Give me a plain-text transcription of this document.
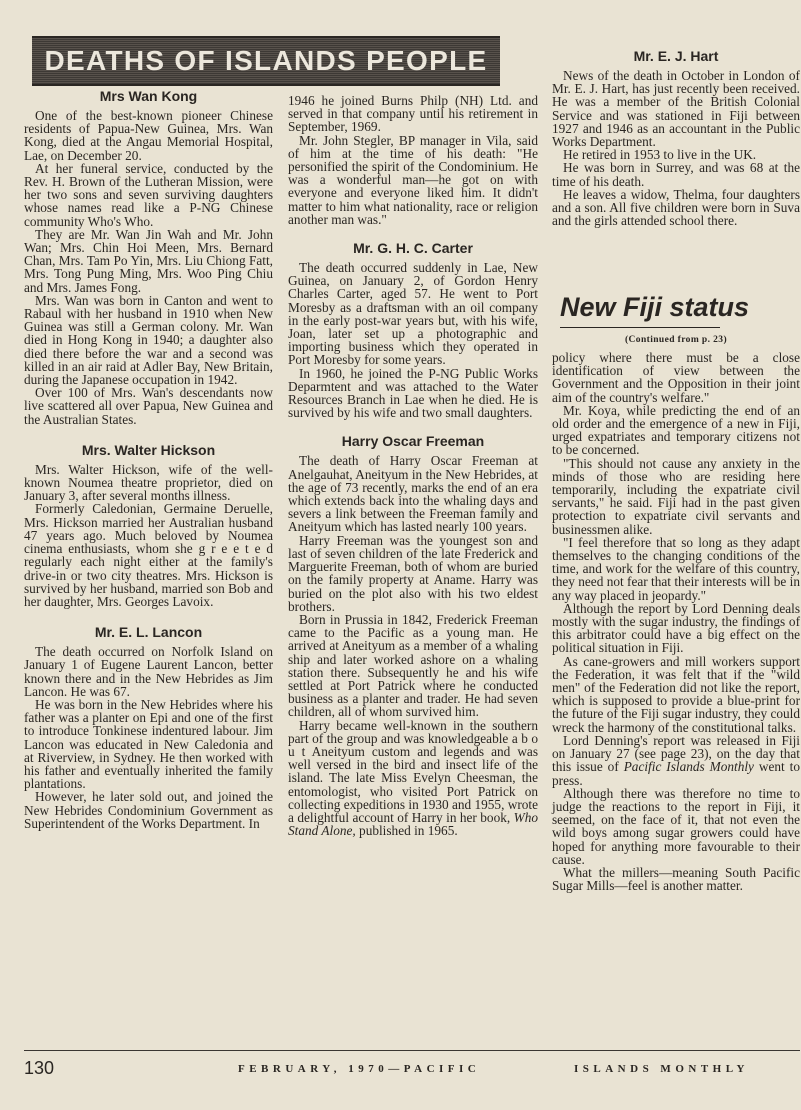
DEATHS OF ISLANDS PEOPLE
Mrs Wan Kong

One of the best-known pioneer Chinese residents of Papua-New Guinea, Mrs. Wan Kong, died at the Angau Memorial Hospital, Lae, on December 20.

At her funeral service, conducted by the Rev. H. Brown of the Lutheran Mission, were her two sons and seven surviving daughters whose names read like a P-NG Chinese community Who's Who.

They are Mr. Wan Jin Wah and Mr. John Wan; Mrs. Chin Hoi Meen, Mrs. Bernard Chan, Mrs. Tam Po Yin, Mrs. Liu Chiong Fatt, Mrs. Tong Pung Ming, Mrs. Woo Ping Chiu and Mrs. James Fong.

Mrs. Wan was born in Canton and went to Rabaul with her husband in 1910 when New Guinea was still a German colony. Mr. Wan died in Hong Kong in 1940; a daughter also died there before the war and a second was killed in an air raid at Adler Bay, New Britain, during the Japanese occupation in 1942.

Over 100 of Mrs. Wan's descendants now live scattered all over Papua, New Guinea and the Australian States.

Mrs. Walter Hickson

Mrs. Walter Hickson, wife of the well-known Noumea theatre proprietor, died on January 3, after several months illness.

Formerly Caledonian, Germaine Deruelle, Mrs. Hickson married her Australian husband 47 years ago. Much beloved by Noumea cinema enthusiasts, whom she g r e e t e d regularly each night either at the family's drive-in or two city theatres. Mrs. Hickson is survived by her husband, married son Bob and her daughter, Mrs. Georges Lavoix.

Mr. E. L. Lancon

The death occurred on Norfolk Island on January 1 of Eugene Laurent Lancon, better known there and in the New Hebrides as Jim Lancon. He was 67.

He was born in the New Hebrides where his father was a planter on Epi and one of the first to introduce Tonkinese indentured labour. Jim Lancon was educated in New Caledonia and at Riverview, in Sydney. He then worked with his father and eventually inherited the family plantations.

However, he later sold out, and joined the New Hebrides Condominium Government as Superintendent of the Works Department. In

1946 he joined Burns Philp (NH) Ltd. and served in that company until his retirement in September, 1969.

Mr. John Stegler, BP manager in Vila, said of him at the time of his death: "He personified the spirit of the Condominium. He was a wonderful man—he got on with everyone and everyone liked him. It didn't matter to him what nationality, race or religion another man was."

Mr. G. H. C. Carter

The death occurred suddenly in Lae, New Guinea, on January 2, of Gordon Henry Charles Carter, aged 57. He went to Port Moresby as a draftsman with an oil company in the early post-war years but, with his wife, Joan, later set up a photographic and importing business which they operated in Port Moresby for some years.

In 1960, he joined the P-NG Public Works Deparmtent and was attached to the Water Resources Branch in Lae when he died. He is survived by his wife and two small daughters.

Harry Oscar Freeman

The death of Harry Oscar Freeman at Anelgauhat, Aneityum in the New Hebrides, at the age of 73 recently, marks the end of an era which extends back into the whaling days and severs a link between the Freeman family and Aneityum which has lasted nearly 100 years.

Harry Freeman was the youngest son and last of seven children of the late Frederick and Marguerite Freeman, both of whom are buried on the family property at Aname. Harry was buried on the plot also with his two eldest brothers.

Born in Prussia in 1842, Frederick Freeman came to the Pacific as a young man. He arrived at Aneityum as a member of a whaling ship and later worked ashore on a whaling station there. Subsequently he and his wife settled at Port Patrick where he conducted business as a planter and trader. He had seven children, all of whom survived him.

Harry became well-known in the southern part of the group and was knowledgeable a b o u t Aneityum custom and legends and was well versed in the bird and insect life of the island. The late Miss Evelyn Cheesman, the entomologist, who visited Port Patrick on collecting expeditions in 1930 and 1955, wrote a delightful account of Harry in her book, Who Stand Alone, published in 1965.

Mr. E. J. Hart

News of the death in October in London of Mr. E. J. Hart, has just recently been received. He was a member of the British Colonial Service and was stationed in Fiji between 1927 and 1946 as an accountant in the Public Works Department.

He retired in 1953 to live in the UK.

He was born in Surrey, and was 68 at the time of his death.

He leaves a widow, Thelma, four daughters and a son. All five children were born in Suva and the girls attended school there.

New Fiji status
(Continued from p. 23)

policy where there must be a close identification of view between the Government and the Opposition in their joint aim of the country's welfare."

Mr. Koya, while predicting the end of an old order and the emergence of a new in Fiji, urged expatriates and temporary citizens not to be concerned.

"This should not cause any anxiety in the minds of those who are residing here temporarily, including the expatriate civil servants," he said. Fiji had in the past given protection to expatriate civil servants and businessmen alike.

"I feel therefore that so long as they adapt themselves to the changing conditions of the time, and work for the welfare of this country, they need not fear that their interests will be in any way placed in jeopardy."

Although the report by Lord Denning deals mostly with the sugar industry, the findings of this arbitrator could have a big effect on the political situation in Fiji.

As cane-growers and mill workers support the Federation, it was felt that if the "wild men" of the Federation did not like the report, which is supposed to provide a blue-print for the future of the Fiji sugar industry, they could wreck the harmony of the constitutional talks.

Lord Denning's report was released in Fiji on January 27 (see page 23), on the day that this issue of Pacific Islands Monthly went to press.

Although there was therefore no time to judge the reactions to the report in Fiji, it seemed, on the face of it, that not even the wild boys among sugar growers could have hoped for anything more favourable to their cause.

What the millers—meaning South Pacific Sugar Mills—feel is another matter.

130	FEBRUARY, 1970—PACIFIC	ISLANDS MONTHLY
